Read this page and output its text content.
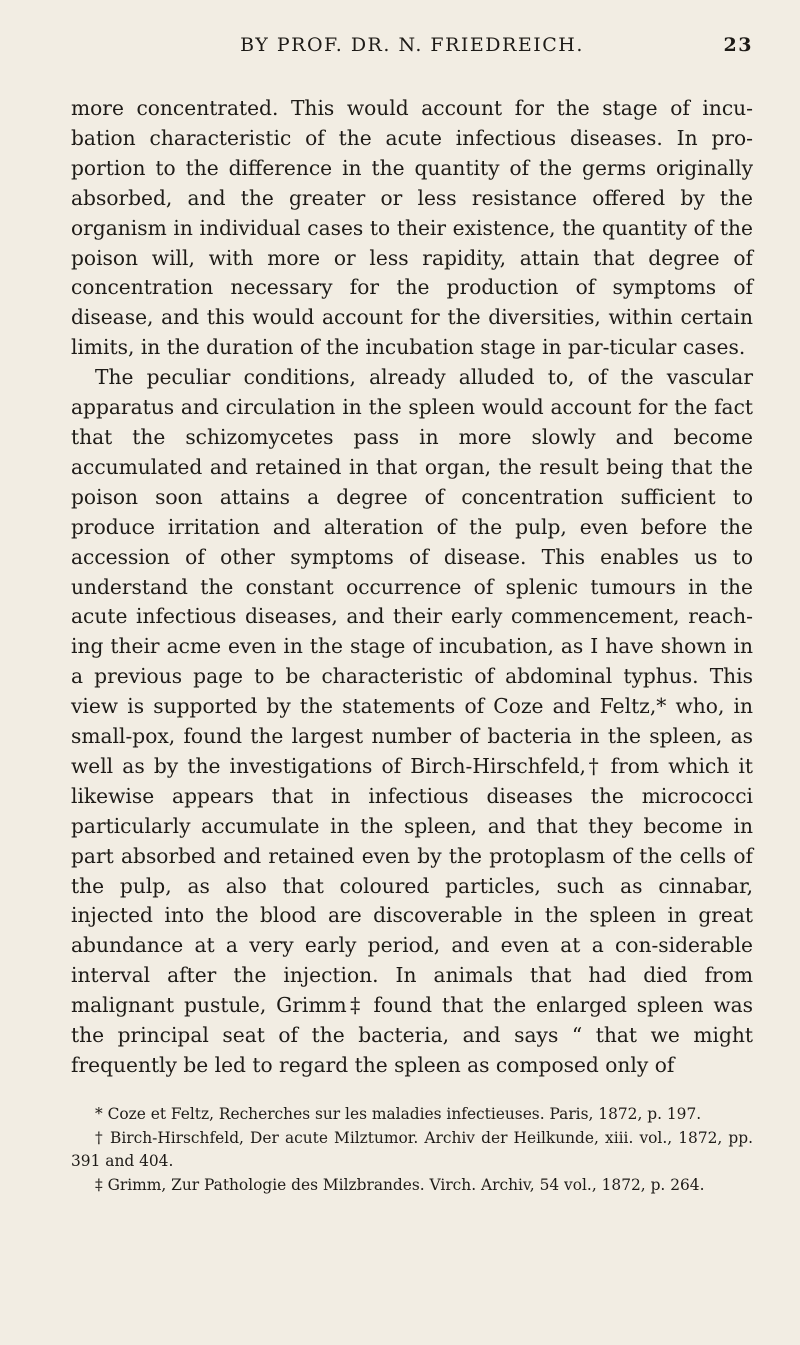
BY PROF. DR. N. FRIEDREICH.	23

more concentrated. This would account for the stage of incu-bation characteristic of the acute infectious diseases. In pro-portion to the difference in the quantity of the germs originally absorbed, and the greater or less resistance offered by the organism in individual cases to their existence, the quantity of the poison will, with more or less rapidity, attain that degree of concentration necessary for the production of symptoms of disease, and this would account for the diversities, within certain limits, in the duration of the incubation stage in par-ticular cases.

The peculiar conditions, already alluded to, of the vascular apparatus and circulation in the spleen would account for the fact that the schizomycetes pass in more slowly and become accumulated and retained in that organ, the result being that the poison soon attains a degree of concentration sufficient to produce irritation and alteration of the pulp, even before the accession of other symptoms of disease. This enables us to understand the constant occurrence of splenic tumours in the acute infectious diseases, and their early commencement, reach-ing their acme even in the stage of incubation, as I have shown in a previous page to be characteristic of abdominal typhus. This view is supported by the statements of Coze and Feltz,* who, in small-pox, found the largest number of bacteria in the spleen, as well as by the investigations of Birch-Hirschfeld,† from which it likewise appears that in infectious diseases the micrococci particularly accumulate in the spleen, and that they become in part absorbed and retained even by the protoplasm of the cells of the pulp, as also that coloured particles, such as cinnabar, injected into the blood are discoverable in the spleen in great abundance at a very early period, and even at a con-siderable interval after the injection. In animals that had died from malignant pustule, Grimm‡ found that the enlarged spleen was the principal seat of the bacteria, and says “ that we might frequently be led to regard the spleen as composed only of

* Coze et Feltz, Recherches sur les maladies infectieuses. Paris, 1872, p. 197.

† Birch-Hirschfeld, Der acute Milztumor. Archiv der Heilkunde, xiii. vol., 1872, pp. 391 and 404.

‡ Grimm, Zur Pathologie des Milzbrandes. Virch. Archiv, 54 vol., 1872, p. 264.
